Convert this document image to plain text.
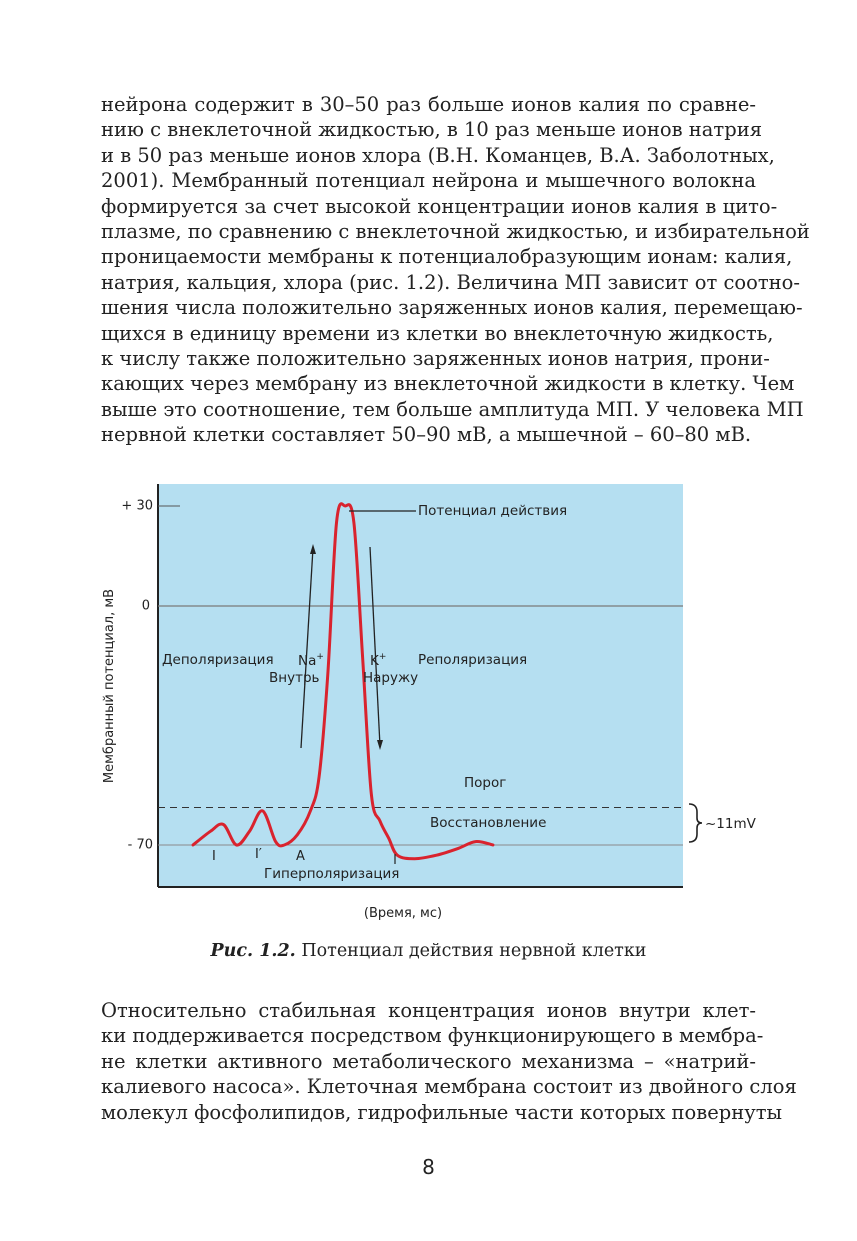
нейрона содержит в 30–50 раз больше ионов калия по сравне-
нию с внеклеточной жидкостью, в 10 раз меньше ионов натрия
и в 50 раз меньше ионов хлора (В.Н. Команцев, В.А. Заболотных,
2001). Мембранный потенциал нейрона и мышечного волокна
формируется за счет высокой концентрации ионов калия в цито-
плазме, по сравнению с внеклеточной жидкостью, и избирательной
проницаемости мембраны к потенциалобразующим ионам: калия,
натрия, кальция, хлора (рис. 1.2). Величина МП зависит от соотно-
шения числа положительно заряженных ионов калия, перемещаю-
щихся в единицу времени из клетки во внеклеточную жидкость,
к числу также положительно заряженных ионов натрия, прони-
кающих через мембрану из внеклеточной жидкости в клетку. Чем
выше это соотношение, тем больше амплитуда МП. У человека МП
нервной клетки составляет 50–90 мВ, а мышечной – 60–80 мВ.
+ 30
0
- 70
Мембранный потенциал, мВ
(Время, мс)
Потенциал действия
Деполяризация Na+
Внутрь
K+
Наружу
Реполяризация
Порог
Восстановление
Гиперполяризация
I	I′	A
~11mV
Рис. 1.2. Потенциал действия нервной клетки
Относительно стабильная концентрация ионов внутри клет-
ки поддерживается посредством функционирующего в мембра-
не клетки активного метаболического механизма – «натрий-
калиевого насоса». Клеточная мембрана состоит из двойного слоя
молекул фосфолипидов, гидрофильные части которых повернуты
8
